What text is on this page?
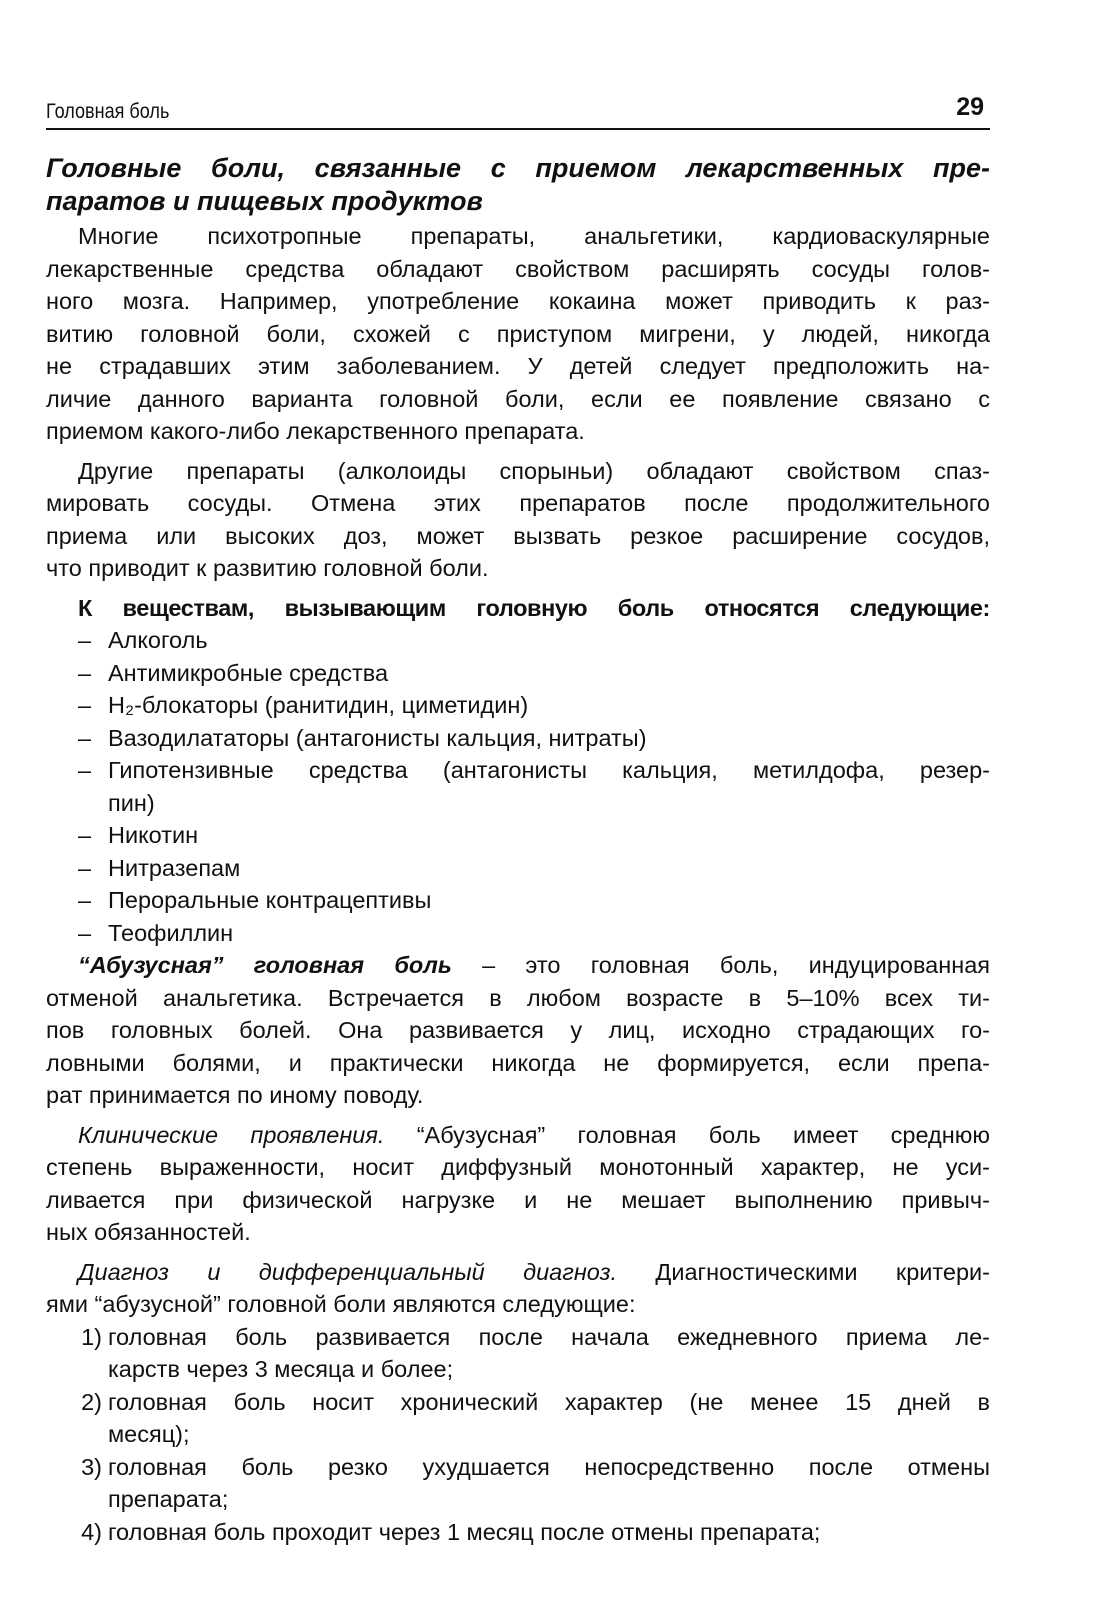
Головная боль	29
Головные боли, связанные с приемом лекарственных пре-
паратов и пищевых продуктов
Многие психотропные препараты, анальгетики, кардиоваскулярные
лекарственные средства обладают свойством расширять сосуды голов-
ного мозга. Например, употребление кокаина может приводить к раз-
витию головной боли, схожей с приступом мигрени, у людей, никогда
не страдавших этим заболеванием. У детей следует предположить на-
личие данного варианта головной боли, если ее появление связано с
приемом какого-либо лекарственного препарата.
Другие препараты (алколоиды спорыньи) обладают свойством спаз-
мировать сосуды. Отмена этих препаратов после продолжительного
приема или высоких доз, может вызвать резкое расширение сосудов,
что приводит к развитию головной боли.
К веществам, вызывающим головную боль относятся следующие:
– Алкоголь
– Антимикробные средства
– H₂-блокаторы (ранитидин, циметидин)
– Вазодилататоры (антагонисты кальция, нитраты)
– Гипотензивные средства (антагонисты кальция, метилдофа, резер-
пин)
– Никотин
– Нитразепам
– Пероральные контрацептивы
– Теофиллин
“Абузусная” головная боль – это головная боль, индуцированная
отменой анальгетика. Встречается в любом возрасте в 5–10% всех ти-
пов головных болей. Она развивается у лиц, исходно страдающих го-
ловными болями, и практически никогда не формируется, если препа-
рат принимается по иному поводу.
Клинические проявления. “Абузусная” головная боль имеет среднюю
степень выраженности, носит диффузный монотонный характер, не уси-
ливается при физической нагрузке и не мешает выполнению привыч-
ных обязанностей.
Диагноз и дифференциальный диагноз. Диагностическими критери-
ями “абузусной” головной боли являются следующие:
1) головная боль развивается после начала ежедневного приема ле-
карств через 3 месяца и более;
2) головная боль носит хронический характер (не менее 15 дней в
месяц);
3) головная боль резко ухудшается непосредственно после отмены
препарата;
4) головная боль проходит через 1 месяц после отмены препарата;
